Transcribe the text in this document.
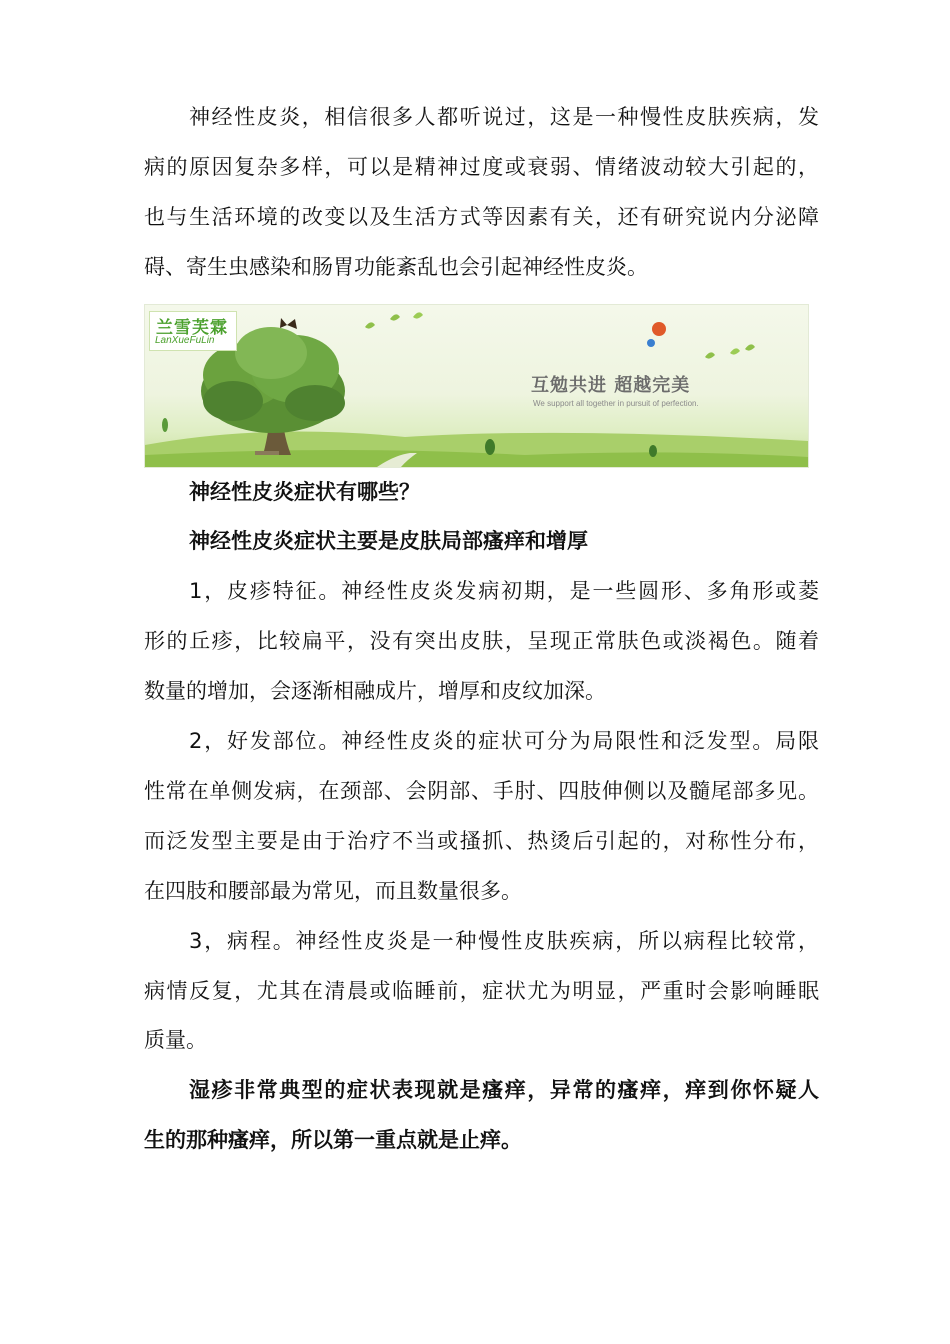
神经性皮炎，相信很多人都听说过，这是一种慢性皮肤疾病，发
病的原因复杂多样，可以是精神过度或衰弱、情绪波动较大引起的，
也与生活环境的改变以及生活方式等因素有关，还有研究说内分泌障
碍、寄生虫感染和肠胃功能紊乱也会引起神经性皮炎。
兰雪芙霖
LanXueFuLin
互勉共进 超越完美
We support all together in pursuit of perfection.
神经性皮炎症状有哪些？
神经性皮炎症状主要是皮肤局部瘙痒和增厚
1，皮疹特征。神经性皮炎发病初期，是一些圆形、多角形或菱
形的丘疹，比较扁平，没有突出皮肤，呈现正常肤色或淡褐色。随着
数量的增加，会逐渐相融成片，增厚和皮纹加深。
2，好发部位。神经性皮炎的症状可分为局限性和泛发型。局限
性常在单侧发病，在颈部、会阴部、手肘、四肢伸侧以及髓尾部多见。
而泛发型主要是由于治疗不当或搔抓、热烫后引起的，对称性分布，
在四肢和腰部最为常见，而且数量很多。
3，病程。神经性皮炎是一种慢性皮肤疾病，所以病程比较常，
病情反复，尤其在清晨或临睡前，症状尤为明显，严重时会影响睡眠
质量。
湿疹非常典型的症状表现就是瘙痒，异常的瘙痒，痒到你怀疑人
生的那种瘙痒，所以第一重点就是止痒。
